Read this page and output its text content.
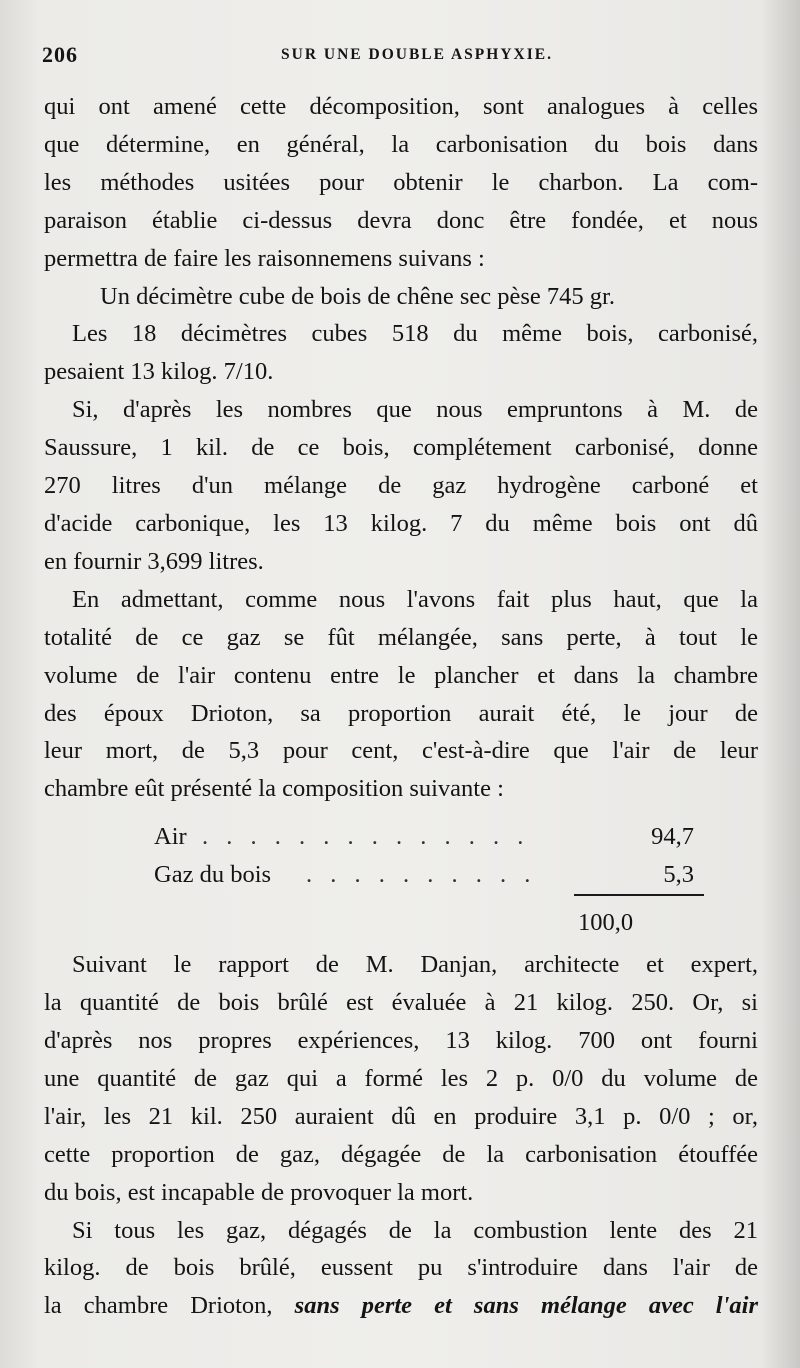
206	SUR UNE DOUBLE ASPHYXIE.

qui ont amené cette décomposition, sont analogues à celles
que détermine, en général, la carbonisation du bois dans
les méthodes usitées pour obtenir le charbon. La com-
paraison établie ci-dessus devra donc être fondée, et nous
permettra de faire les raisonnemens suivans :

Un décimètre cube de bois de chêne sec pèse 745 gr.

Les 18 décimètres cubes 518 du même bois, carbonisé,
pesaient 13 kilog. 7/10.

Si, d'après les nombres que nous empruntons à M. de
Saussure, 1 kil. de ce bois, complétement carbonisé, donne
270 litres d'un mélange de gaz hydrogène carboné et
d'acide carbonique, les 13 kilog. 7 du même bois ont dû
en fournir 3,699 litres.

En admettant, comme nous l'avons fait plus haut, que la
totalité de ce gaz se fût mélangée, sans perte, à tout le
volume de l'air contenu entre le plancher et dans la chambre
des époux Drioton, sa proportion aurait été, le jour de
leur mort, de 5,3 pour cent, c'est-à-dire que l'air de leur
chambre eût présenté la composition suivante :

Air . . . . . . . . . . . . . .	94,7
Gaz du bois . . . . . . . . . .	5,3
100,0

Suivant le rapport de M. Danjan, architecte et expert,
la quantité de bois brûlé est évaluée à 21 kilog. 250. Or, si
d'après nos propres expériences, 13 kilog. 700 ont fourni
une quantité de gaz qui a formé les 2 p. 0/0 du volume de
l'air, les 21 kil. 250 auraient dû en produire 3,1 p. 0/0 ; or,
cette proportion de gaz, dégagée de la carbonisation étouffée
du bois, est incapable de provoquer la mort.

Si tous les gaz, dégagés de la combustion lente des 21
kilog. de bois brûlé, eussent pu s'introduire dans l'air de
la chambre Drioton, sans perte et sans mélange avec l'air
